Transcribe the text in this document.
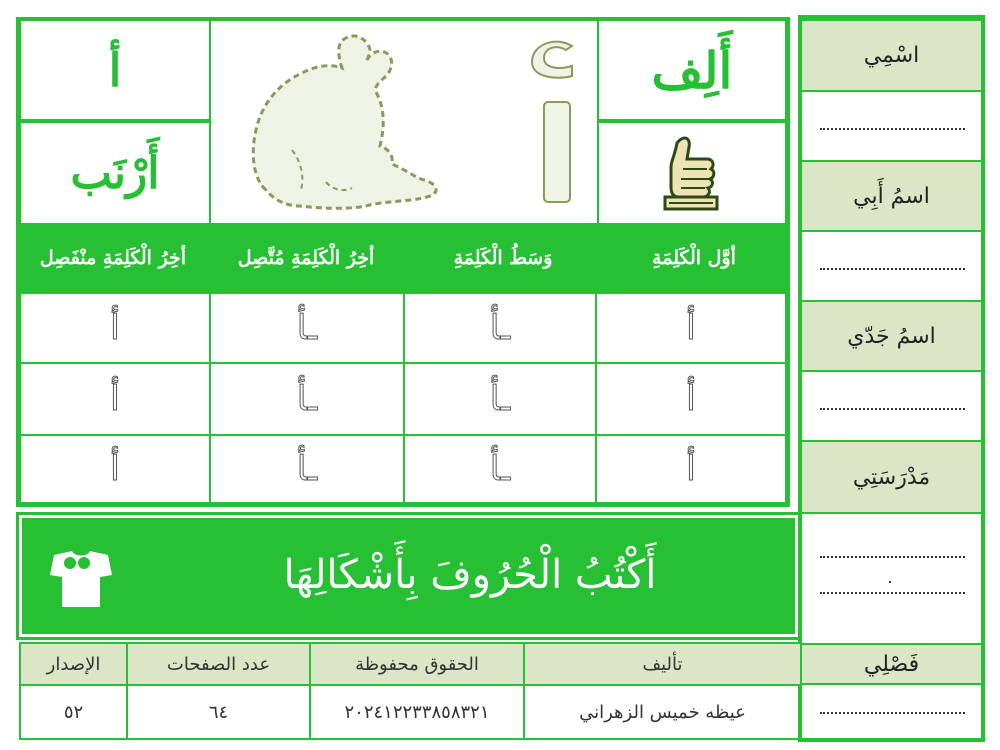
اسْمِي
اسمُ أَبِي
اسمُ جَدّي
مَدْرَسَتِي
.
فَصْلِي
أَلِف
أ
أَرْنَب
أوَّل الْكَلِمَةِ
وَسَطُ الْكَلِمَةِ
أخِرُ الْكَلِمَةِ مُتَّصِل
أخِرُ الْكَلِمَةِ منْفَصِل
أ
ـأ
ـأ
أ
أ
ـأ
ـأ
أ
أ
ـأ
ـأ
أ
أَكْتُبُ الْحُرُوفَ بِأَشْكَالِهَا
تأليف
الحقوق محفوظة
عدد الصفحات
الإصدار
عيظه خميس الزهراني
٢٠٢٤١٢٢٣٣٨٥٨٣٢١
٦٤
٥٢
